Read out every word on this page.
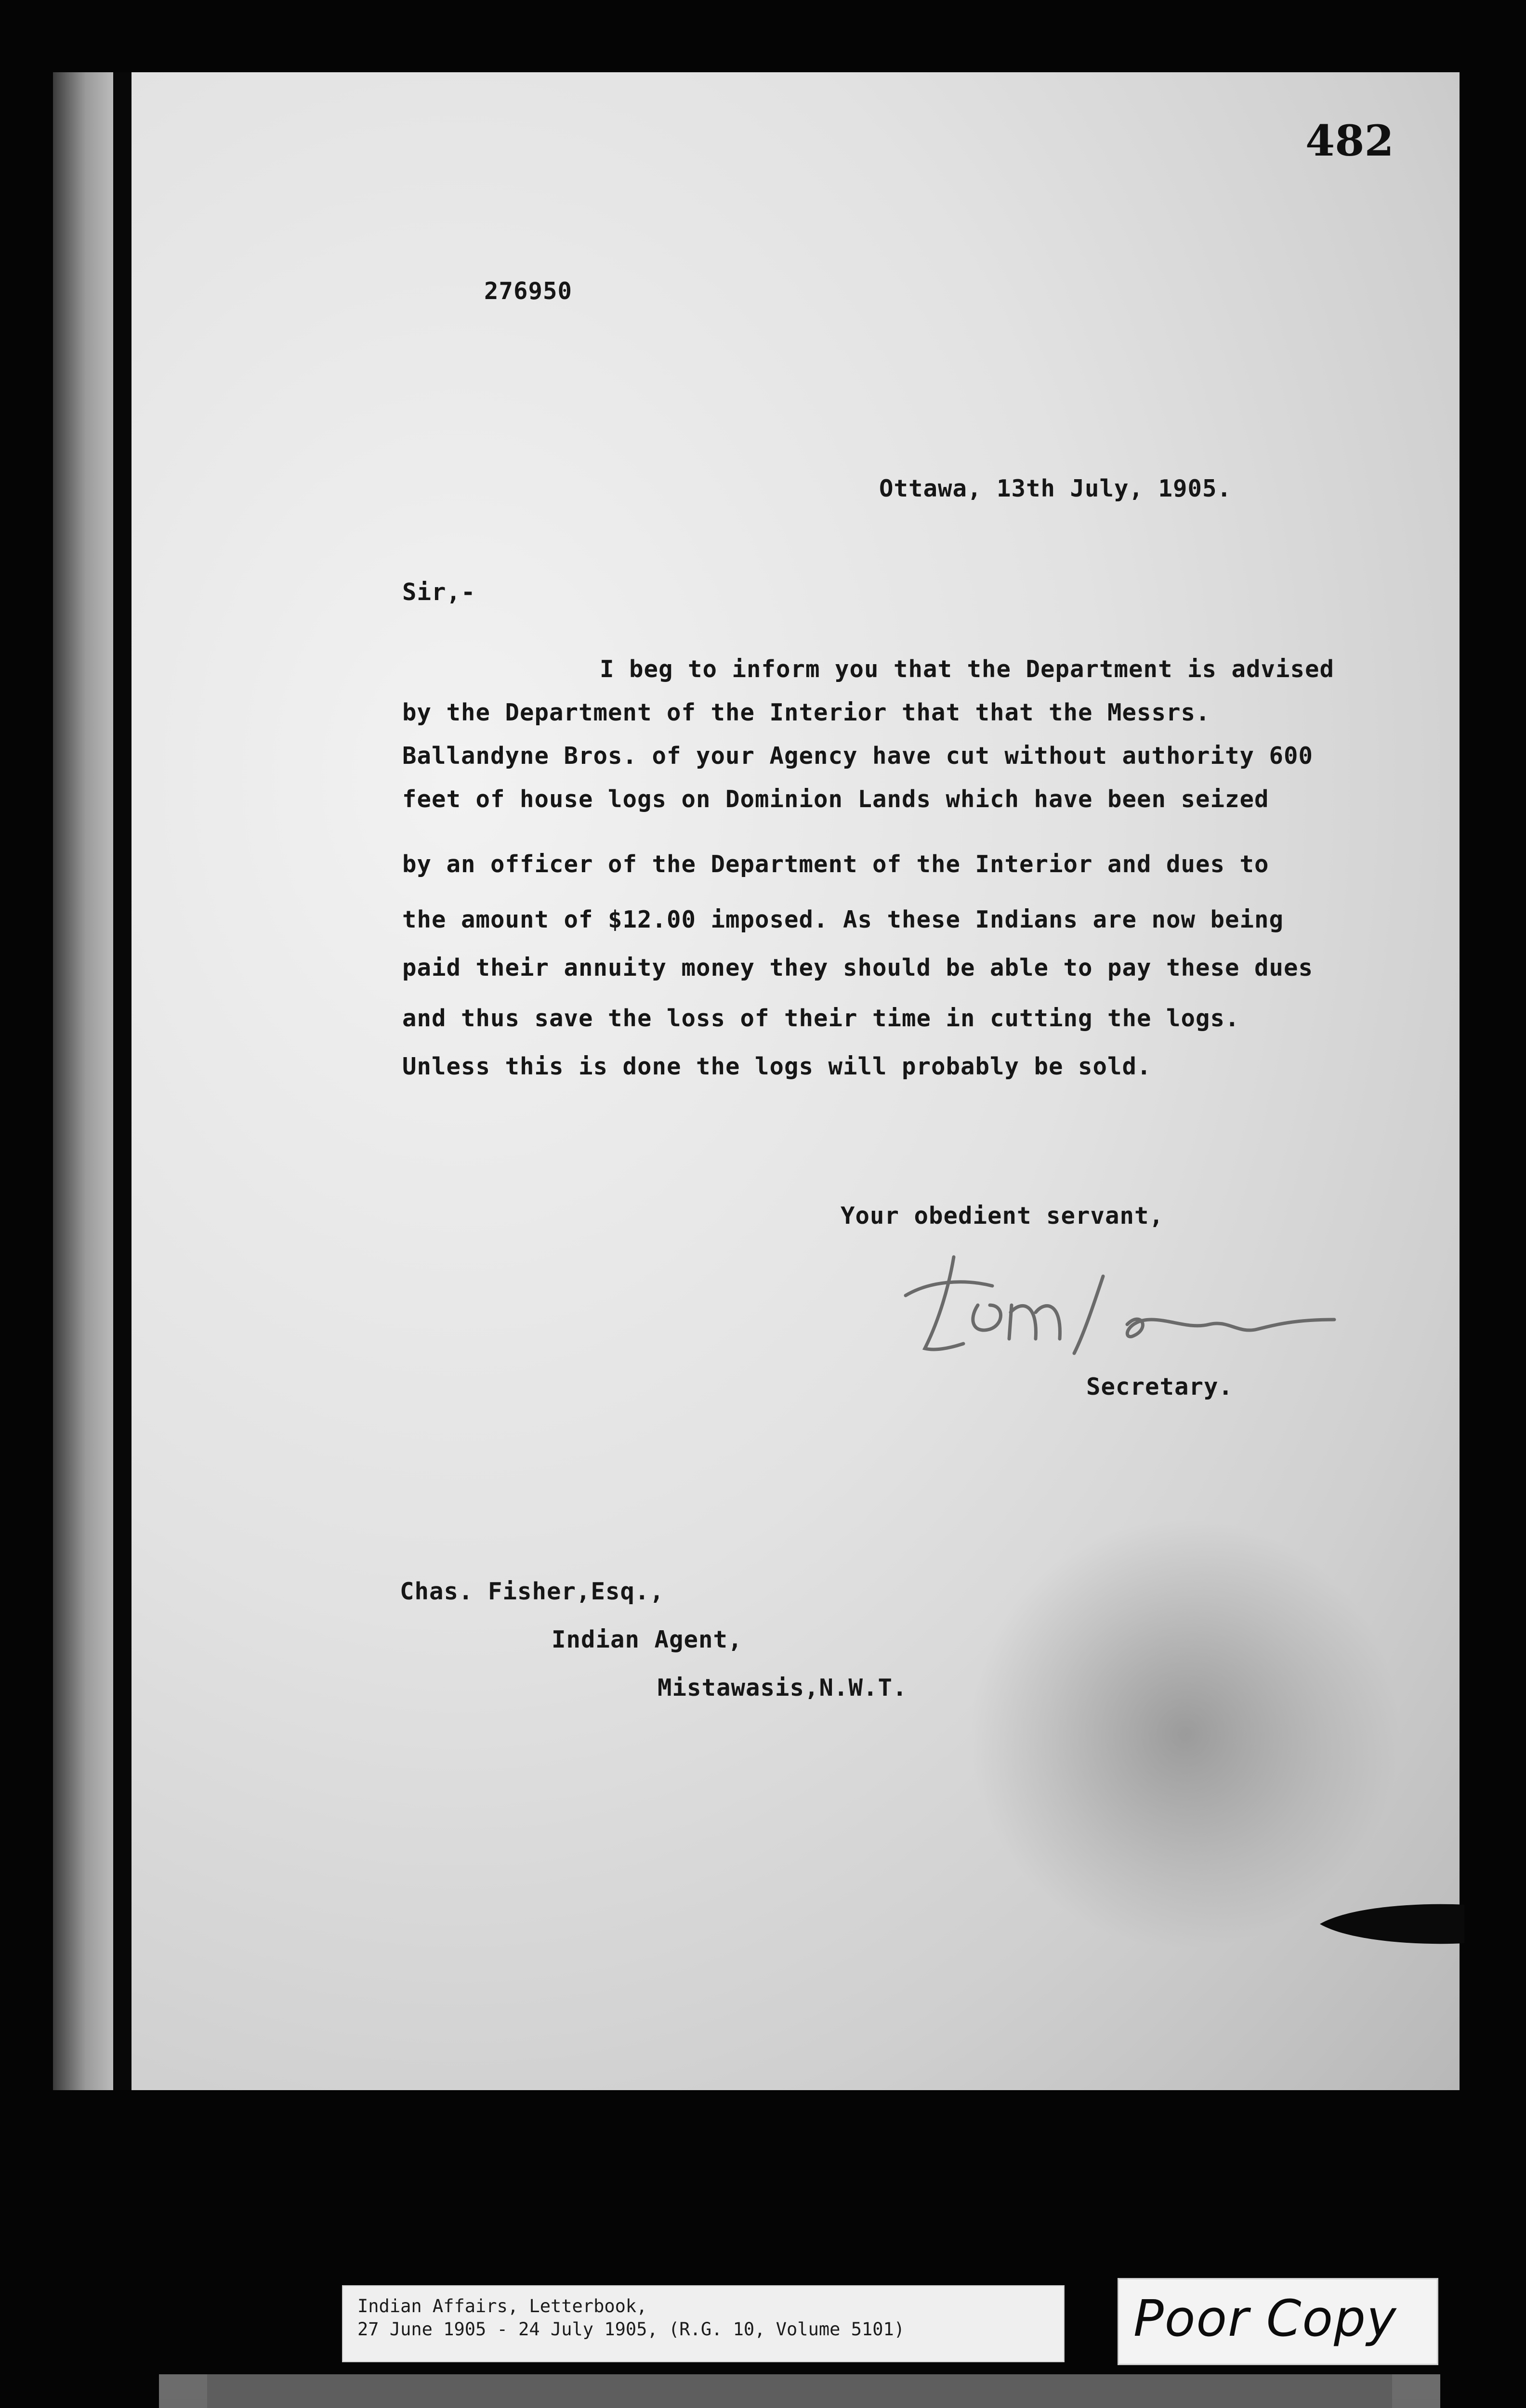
482
276950
Ottawa, 13th July, 1905.
Sir,-
I beg to inform you that the Department is advised
by the Department of the Interior that that the Messrs.
Ballandyne Bros. of your Agency have cut without authority 600
feet of house logs on Dominion Lands which have been seized
by an officer of the Department of the Interior and dues to
the amount of $12.00 imposed. As these Indians are now being
paid their annuity money they should be able to pay these dues
and thus save the loss of their time in cutting the logs.
Unless this is done the logs will probably be sold.
Your obedient servant,
Secretary.
Chas. Fisher,Esq.,
Indian Agent,
Mistawasis,N.W.T.
Indian Affairs, Letterbook,
27 June 1905 - 24 July 1905, (R.G. 10, Volume 5101)	Poor Copy
